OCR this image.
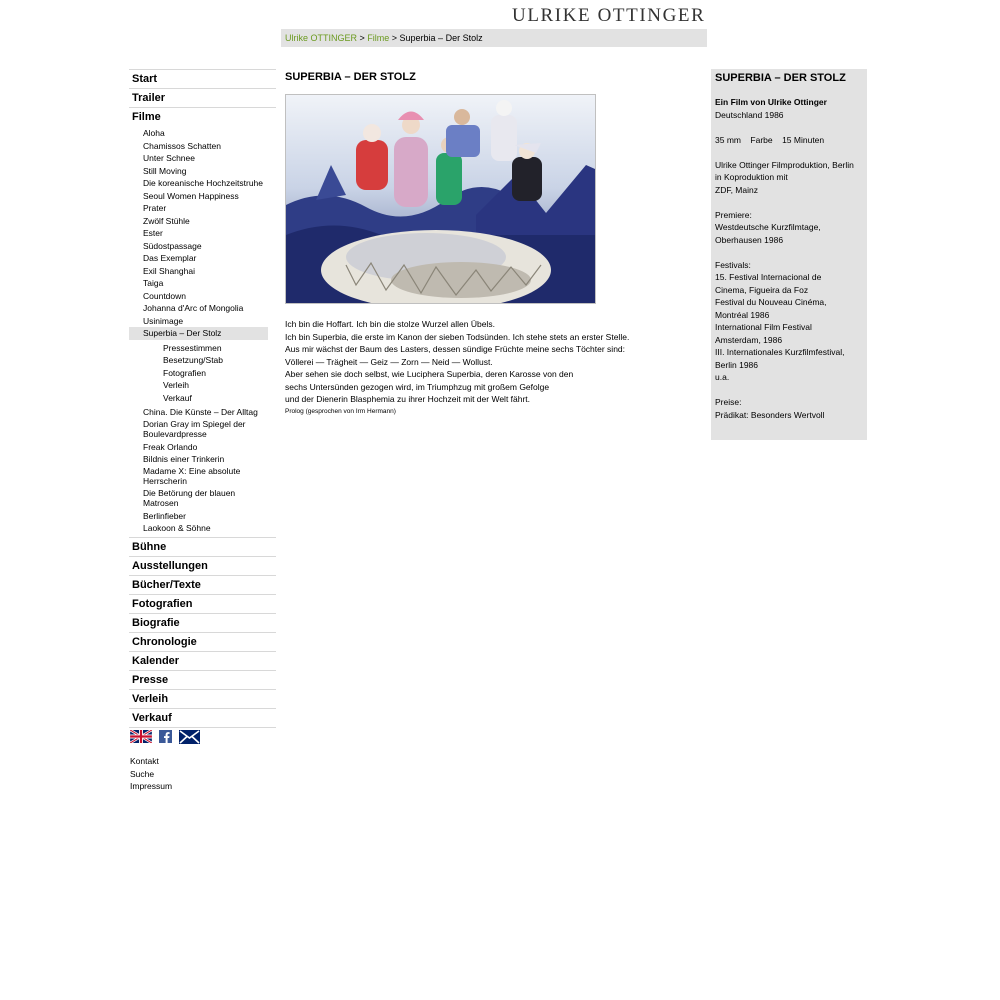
ULRIKE OTTINGER
Ulrike OTTINGER > Filme > Superbia – Der Stolz
Start
Trailer
Filme
Aloha
Chamissos Schatten
Unter Schnee
Still Moving
Die koreanische Hochzeitstruhe
Seoul Women Happiness
Prater
Zwölf Stühle
Ester
Südostpassage
Das Exemplar
Exil Shanghai
Taiga
Countdown
Johanna d'Arc of Mongolia
Usinimage
Superbia – Der Stolz
Pressestimmen
Besetzung/Stab
Fotografien
Verleih
Verkauf
China. Die Künste – Der Alltag
Dorian Gray im Spiegel der Boulevardpresse
Freak Orlando
Bildnis einer Trinkerin
Madame X: Eine absolute Herrscherin
Die Betörung der blauen Matrosen
Berlinfieber
Laokoon & Söhne
Bühne
Ausstellungen
Bücher/Texte
Fotografien
Biografie
Chronologie
Kalender
Presse
Verleih
Verkauf
Kontakt
Suche
Impressum
SUPERBIA – DER STOLZ
Ich bin die Hoffart. Ich bin die stolze Wurzel allen Übels.
Ich bin Superbia, die erste im Kanon der sieben Todsünden. Ich stehe stets an erster Stelle.
Aus mir wächst der Baum des Lasters, dessen sündige Früchte meine sechs Töchter sind:
Völlerei — Trägheit — Geiz — Zorn — Neid — Wollust.
Aber sehen sie doch selbst, wie Luciphera Superbia, deren Karosse von den
sechs Untersünden gezogen wird, im Triumphzug mit großem Gefolge
und der Dienerin Blasphemia zu ihrer Hochzeit mit der Welt fährt.
Prolog (gesprochen von Irm Hermann)
SUPERBIA – DER STOLZ
Ein Film von Ulrike Ottinger
Deutschland 1986
35 mm    Farbe    15 Minuten
Ulrike Ottinger Filmproduktion, Berlin
in Koproduktion mit
ZDF, Mainz
Premiere:
Westdeutsche Kurzfilmtage,
Oberhausen 1986
Festivals:
15. Festival Internacional de
Cinema, Figueira da Foz
Festival du Nouveau Cinéma,
Montréal 1986
International Film Festival
Amsterdam, 1986
III. Internationales Kurzfilmfestival,
Berlin 1986
u.a.
Preise:
Prädikat: Besonders Wertvoll
